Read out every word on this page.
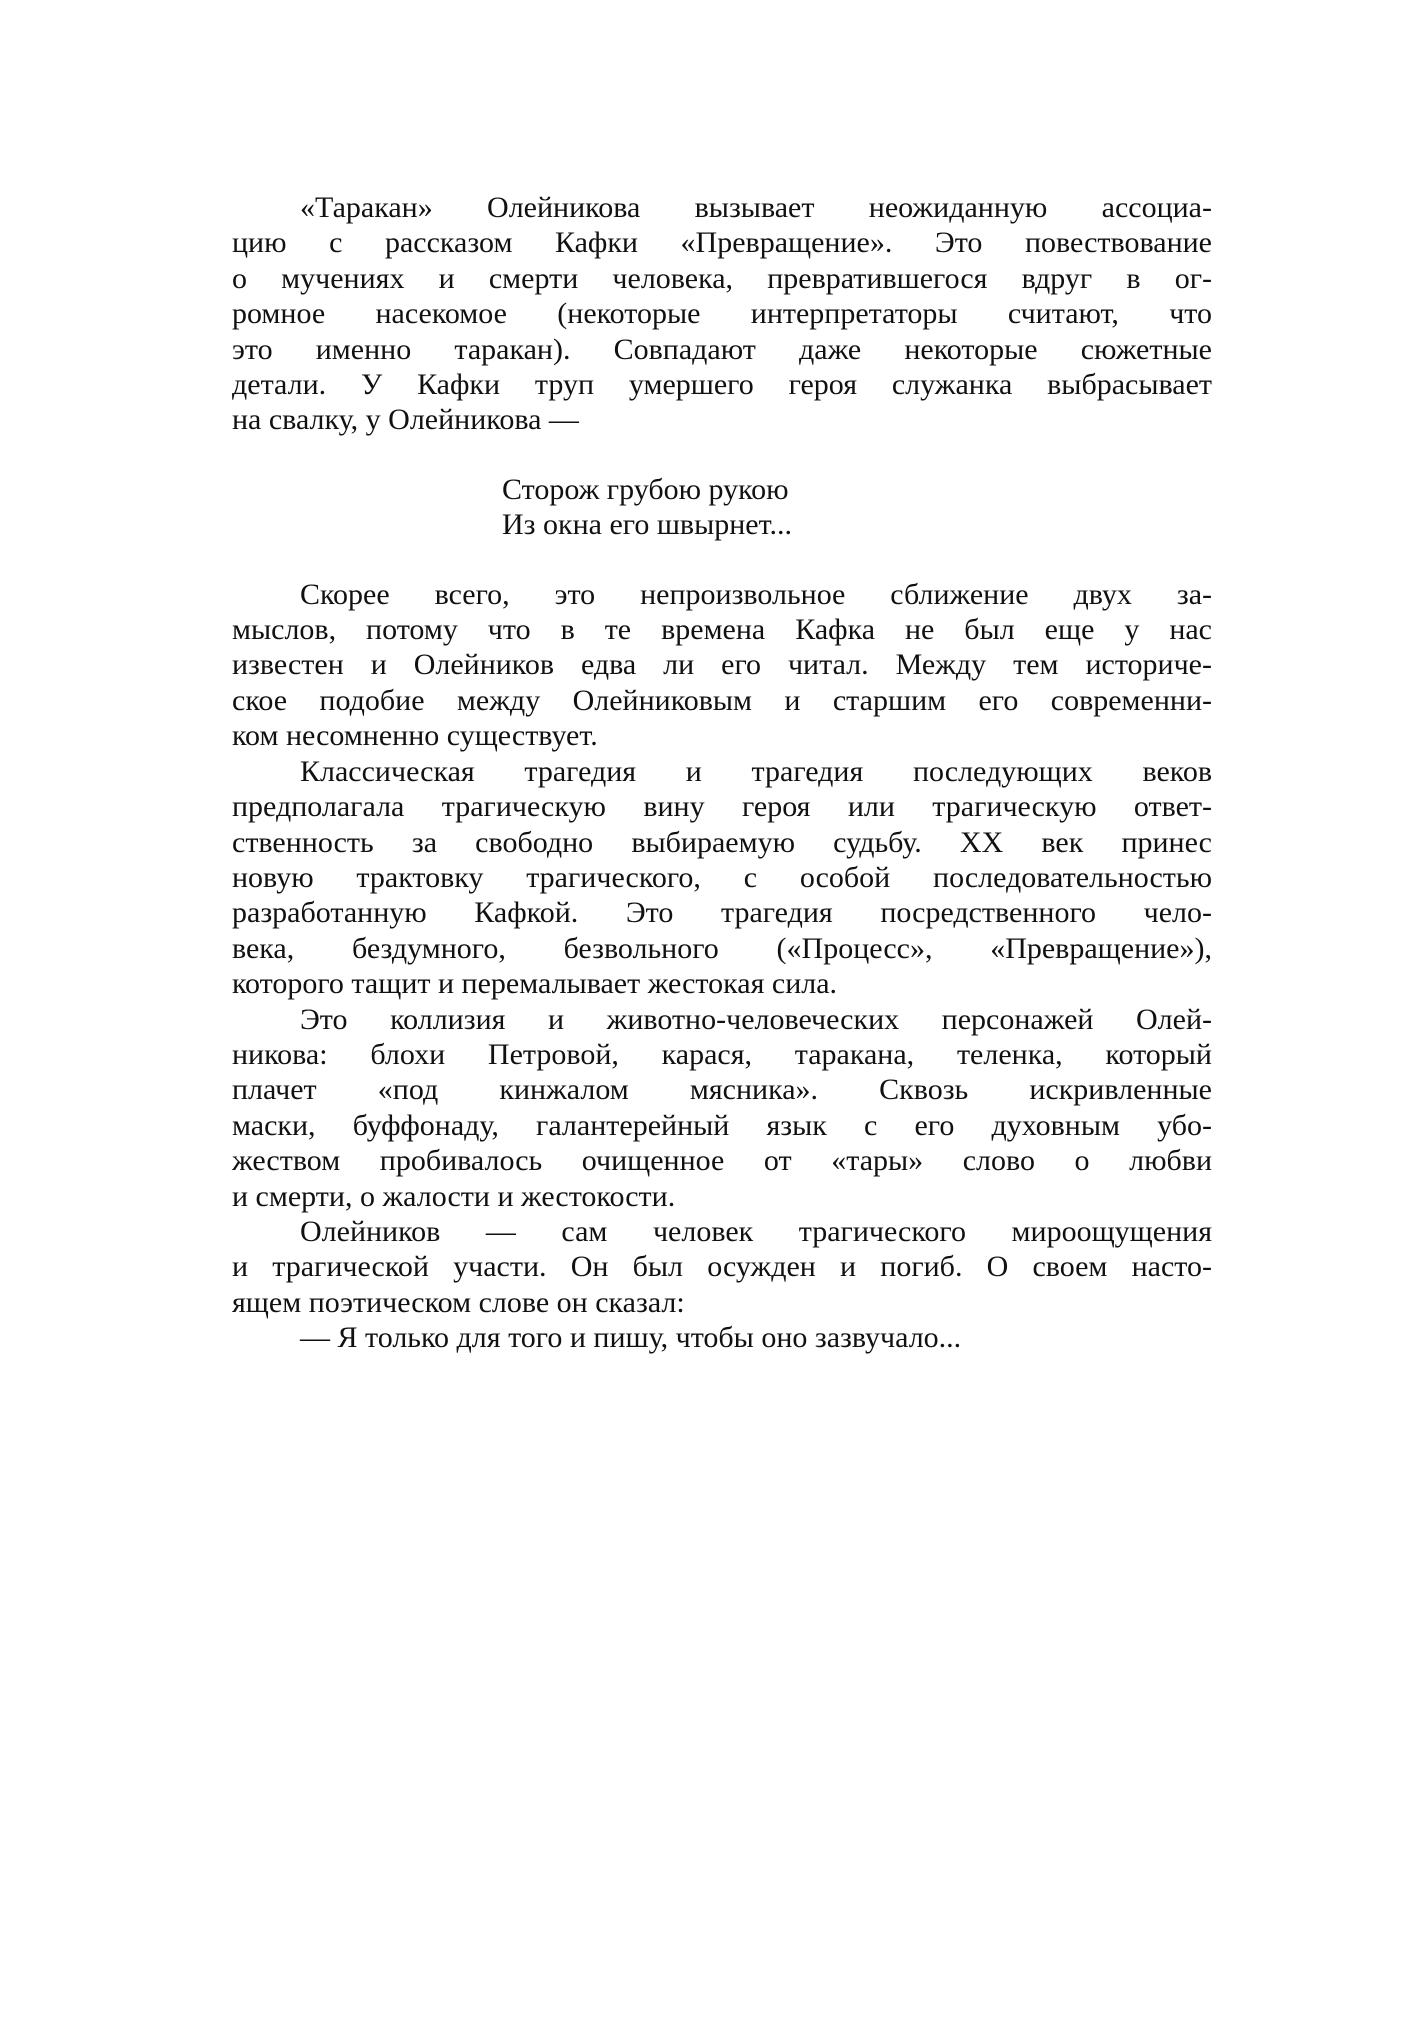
«Таракан» Олейникова вызывает неожиданную ассоциа-
цию с рассказом Кафки «Превращение». Это повествование
о мучениях и смерти человека, превратившегося вдруг в ог-
ромное насекомое (некоторые интерпретаторы считают, что
это именно таракан). Совпадают даже некоторые сюжетные
детали. У Кафки труп умершего героя служанка выбрасывает
на свалку, у Олейникова —
Сторож грубою рукою
Из окна его швырнет...
Скорее всего, это непроизвольное сближение двух за-
мыслов, потому что в те времена Кафка не был еще у нас
известен и Олейников едва ли его читал. Между тем историче-
ское подобие между Олейниковым и старшим его современни-
ком несомненно существует.
Классическая трагедия и трагедия последующих веков
предполагала трагическую вину героя или трагическую ответ-
ственность за свободно выбираемую судьбу. XX век принес
новую трактовку трагического, с особой последовательностью
разработанную Кафкой. Это трагедия посредственного чело-
века, бездумного, безвольного («Процесс», «Превращение»),
которого тащит и перемалывает жестокая сила.
Это коллизия и животно-человеческих персонажей Олей-
никова: блохи Петровой, карася, таракана, теленка, который
плачет «под кинжалом мясника». Сквозь искривленные
маски, буффонаду, галантерейный язык с его духовным убо-
жеством пробивалось очищенное от «тары» слово о любви
и смерти, о жалости и жестокости.
Олейников — сам человек трагического мироощущения
и трагической участи. Он был осужден и погиб. О своем насто-
ящем поэтическом слове он сказал:
— Я только для того и пишу, чтобы оно зазвучало...
